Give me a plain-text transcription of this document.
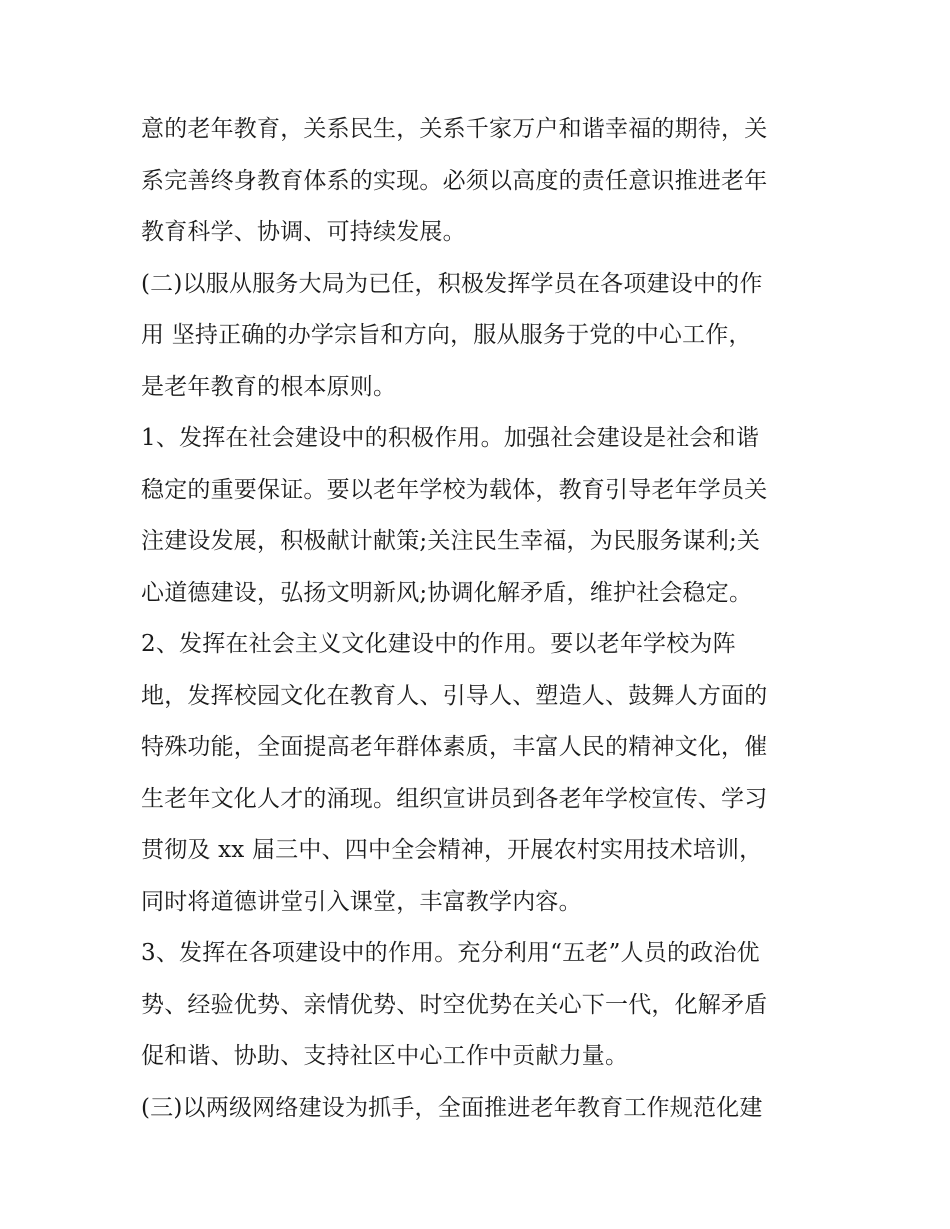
意的老年教育，关系民生，关系千家万户和谐幸福的期待，关
系完善终身教育体系的实现。必须以高度的责任意识推进老年
教育科学、协调、可持续发展。
(二)以服从服务大局为已任，积极发挥学员在各项建设中的作
用 坚持正确的办学宗旨和方向，服从服务于党的中心工作，
是老年教育的根本原则。
1、发挥在社会建设中的积极作用。加强社会建设是社会和谐
稳定的重要保证。要以老年学校为载体，教育引导老年学员关
注建设发展，积极献计献策;关注民生幸福，为民服务谋利;关
心道德建设，弘扬文明新风;协调化解矛盾，维护社会稳定。
2、发挥在社会主义文化建设中的作用。要以老年学校为阵
地，发挥校园文化在教育人、引导人、塑造人、鼓舞人方面的
特殊功能，全面提高老年群体素质，丰富人民的精神文化，催
生老年文化人才的涌现。组织宣讲员到各老年学校宣传、学习
贯彻及 xx 届三中、四中全会精神，开展农村实用技术培训，
同时将道德讲堂引入课堂，丰富教学内容。
3、发挥在各项建设中的作用。充分利用“五老”人员的政治优
势、经验优势、亲情优势、时空优势在关心下一代，化解矛盾
促和谐、协助、支持社区中心工作中贡献力量。
(三)以两级网络建设为抓手，全面推进老年教育工作规范化建
